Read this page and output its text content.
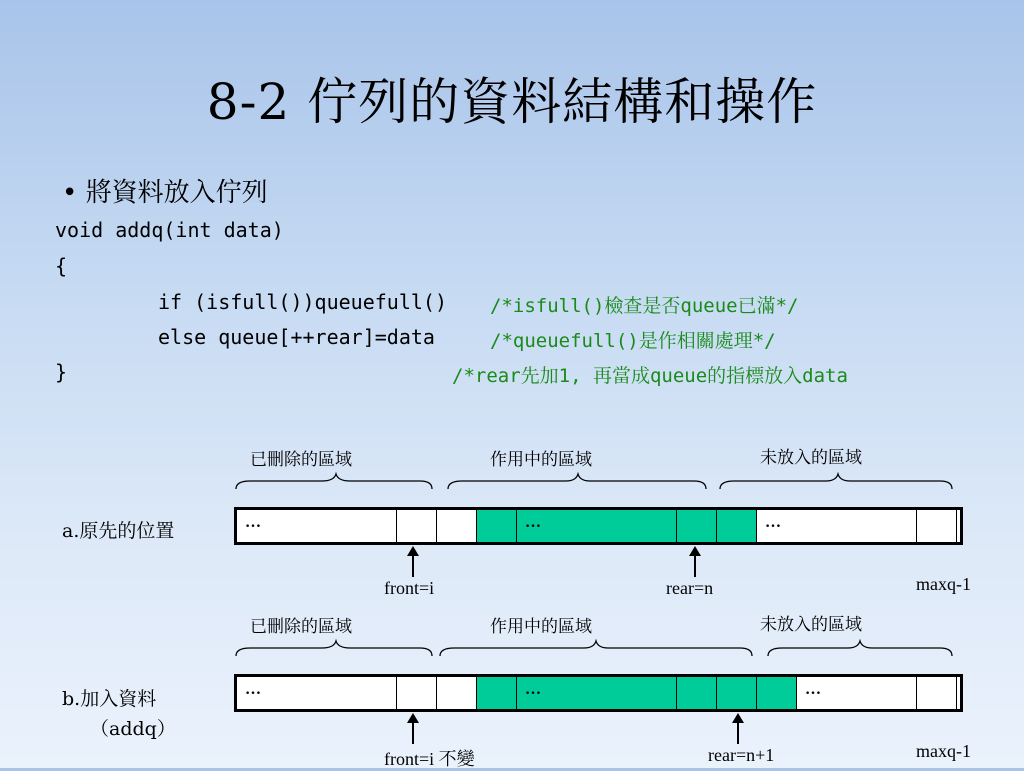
8-2 佇列的資料結構和操作
• 將資料放入佇列
void addq(int data)
{
if (isfull())queuefull() /*isfull()檢查是否queue已滿*/
else queue[++rear]=data	/*queuefull()是作相關處理*/
}	/*rear先加1, 再當成queue的指標放入data
已刪除的區域	作用中的區域	未放入的區域
a.原先的位置	…	…	…
front=i	rear=n	maxq-1
已刪除的區域	作用中的區域	未放入的區域
b.加入資料
（addq）
…	…	…
front=i 不變	rear=n+1	maxq-1
